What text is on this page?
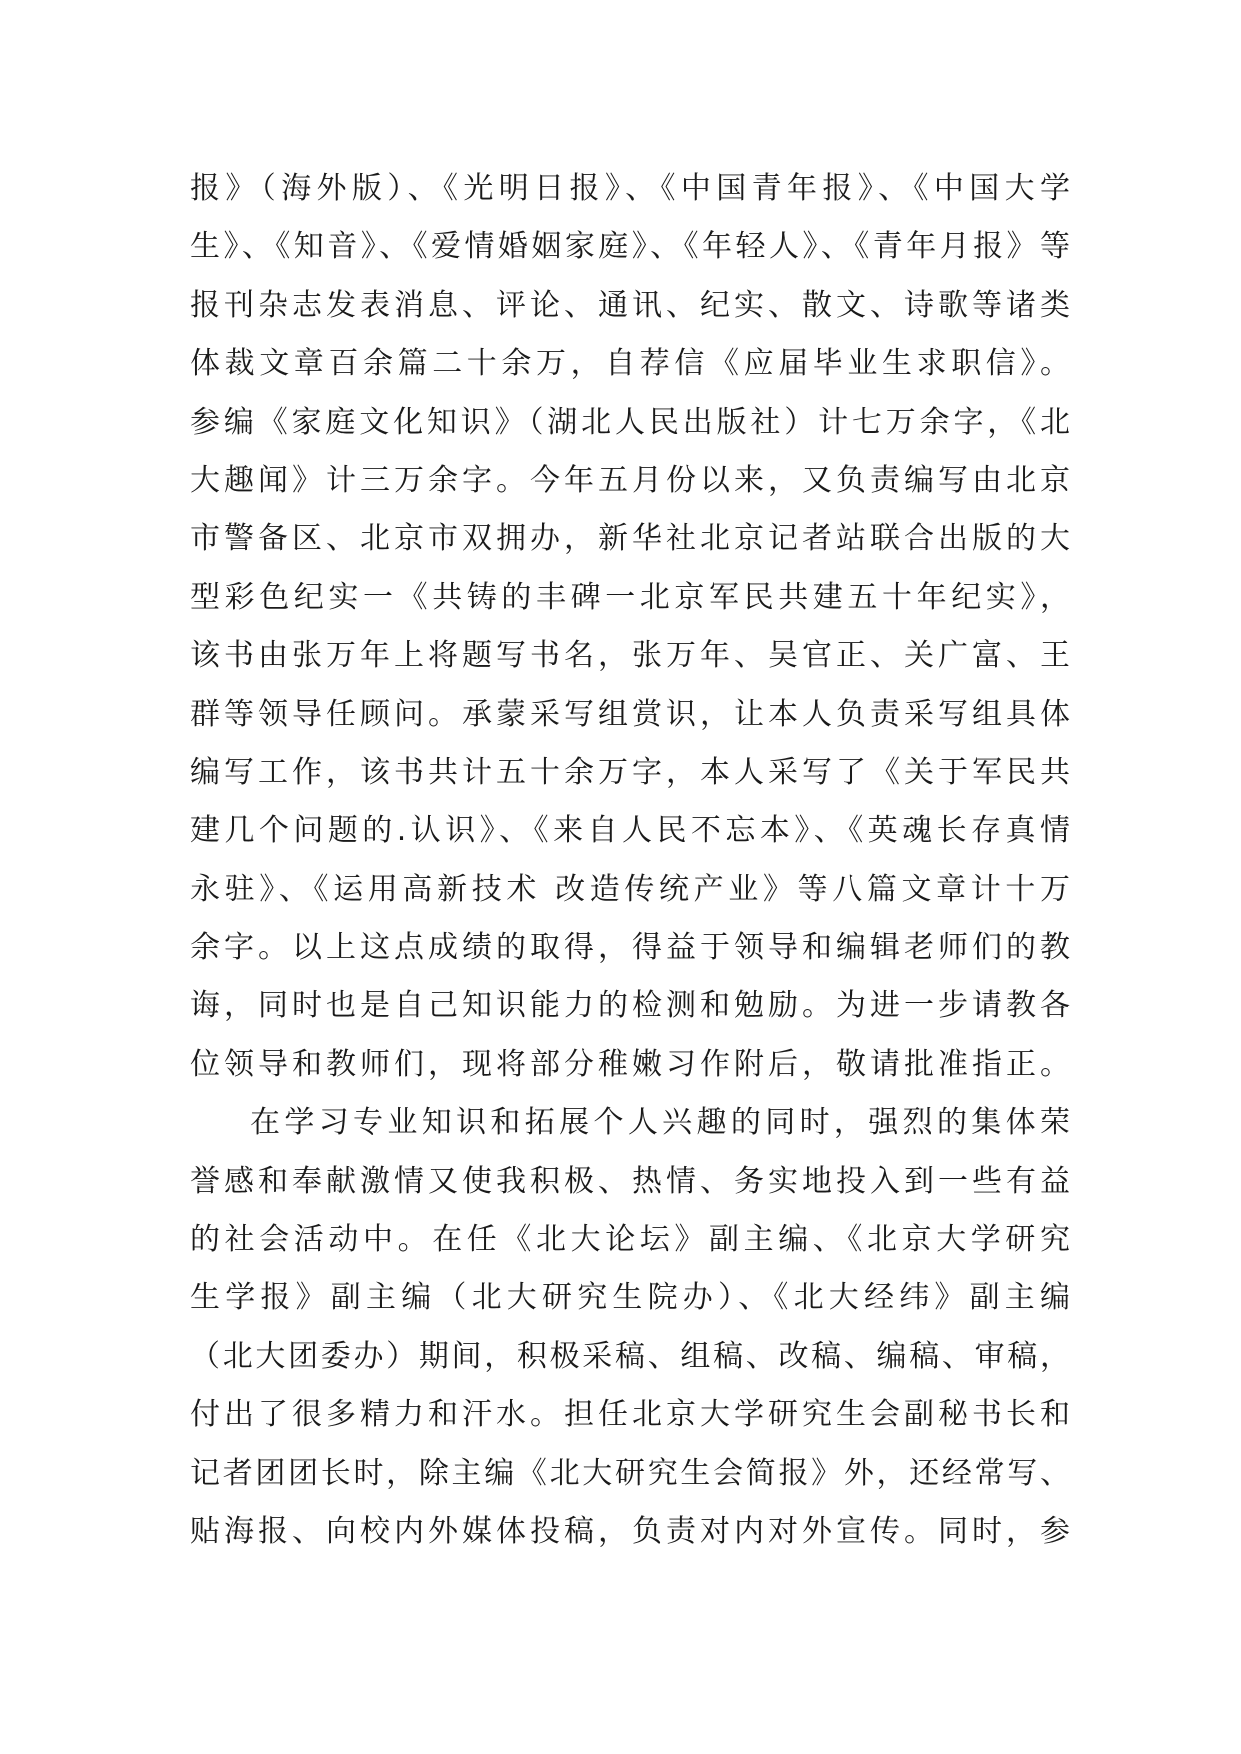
报》（海外版）、《光明日报》、《中国青年报》、《中国大学
生》、《知音》、《爱情婚姻家庭》、《年轻人》、《青年月报》等
报刊杂志发表消息、评论、通讯、纪实、散文、诗歌等诸类
体裁文章百余篇二十余万，自荐信《应届毕业生求职信》。
参编《家庭文化知识》（湖北人民出版社）计七万余字，《北
大趣闻》计三万余字。今年五月份以来，又负责编写由北京
市警备区、北京市双拥办，新华社北京记者站联合出版的大
型彩色纪实一《共铸的丰碑一北京军民共建五十年纪实》，
该书由张万年上将题写书名，张万年、吴官正、关广富、王
群等领导任顾问。承蒙采写组赏识，让本人负责采写组具体
编写工作，该书共计五十余万字，本人采写了《关于军民共
建几个问题的.认识》、《来自人民不忘本》、《英魂长存真情
永驻》、《运用高新技术 改造传统产业》等八篇文章计十万
余字。以上这点成绩的取得，得益于领导和编辑老师们的教
诲，同时也是自己知识能力的检测和勉励。为进一步请教各
位领导和教师们，现将部分稚嫩习作附后，敬请批准指正。
在学习专业知识和拓展个人兴趣的同时，强烈的集体荣
誉感和奉献激情又使我积极、热情、务实地投入到一些有益
的社会活动中。在任《北大论坛》副主编、《北京大学研究
生学报》副主编（北大研究生院办）、《北大经纬》副主编
（北大团委办）期间，积极采稿、组稿、改稿、编稿、审稿，
付出了很多精力和汗水。担任北京大学研究生会副秘书长和
记者团团长时，除主编《北大研究生会简报》外，还经常写、
贴海报、向校内外媒体投稿，负责对内对外宣传。同时，参
